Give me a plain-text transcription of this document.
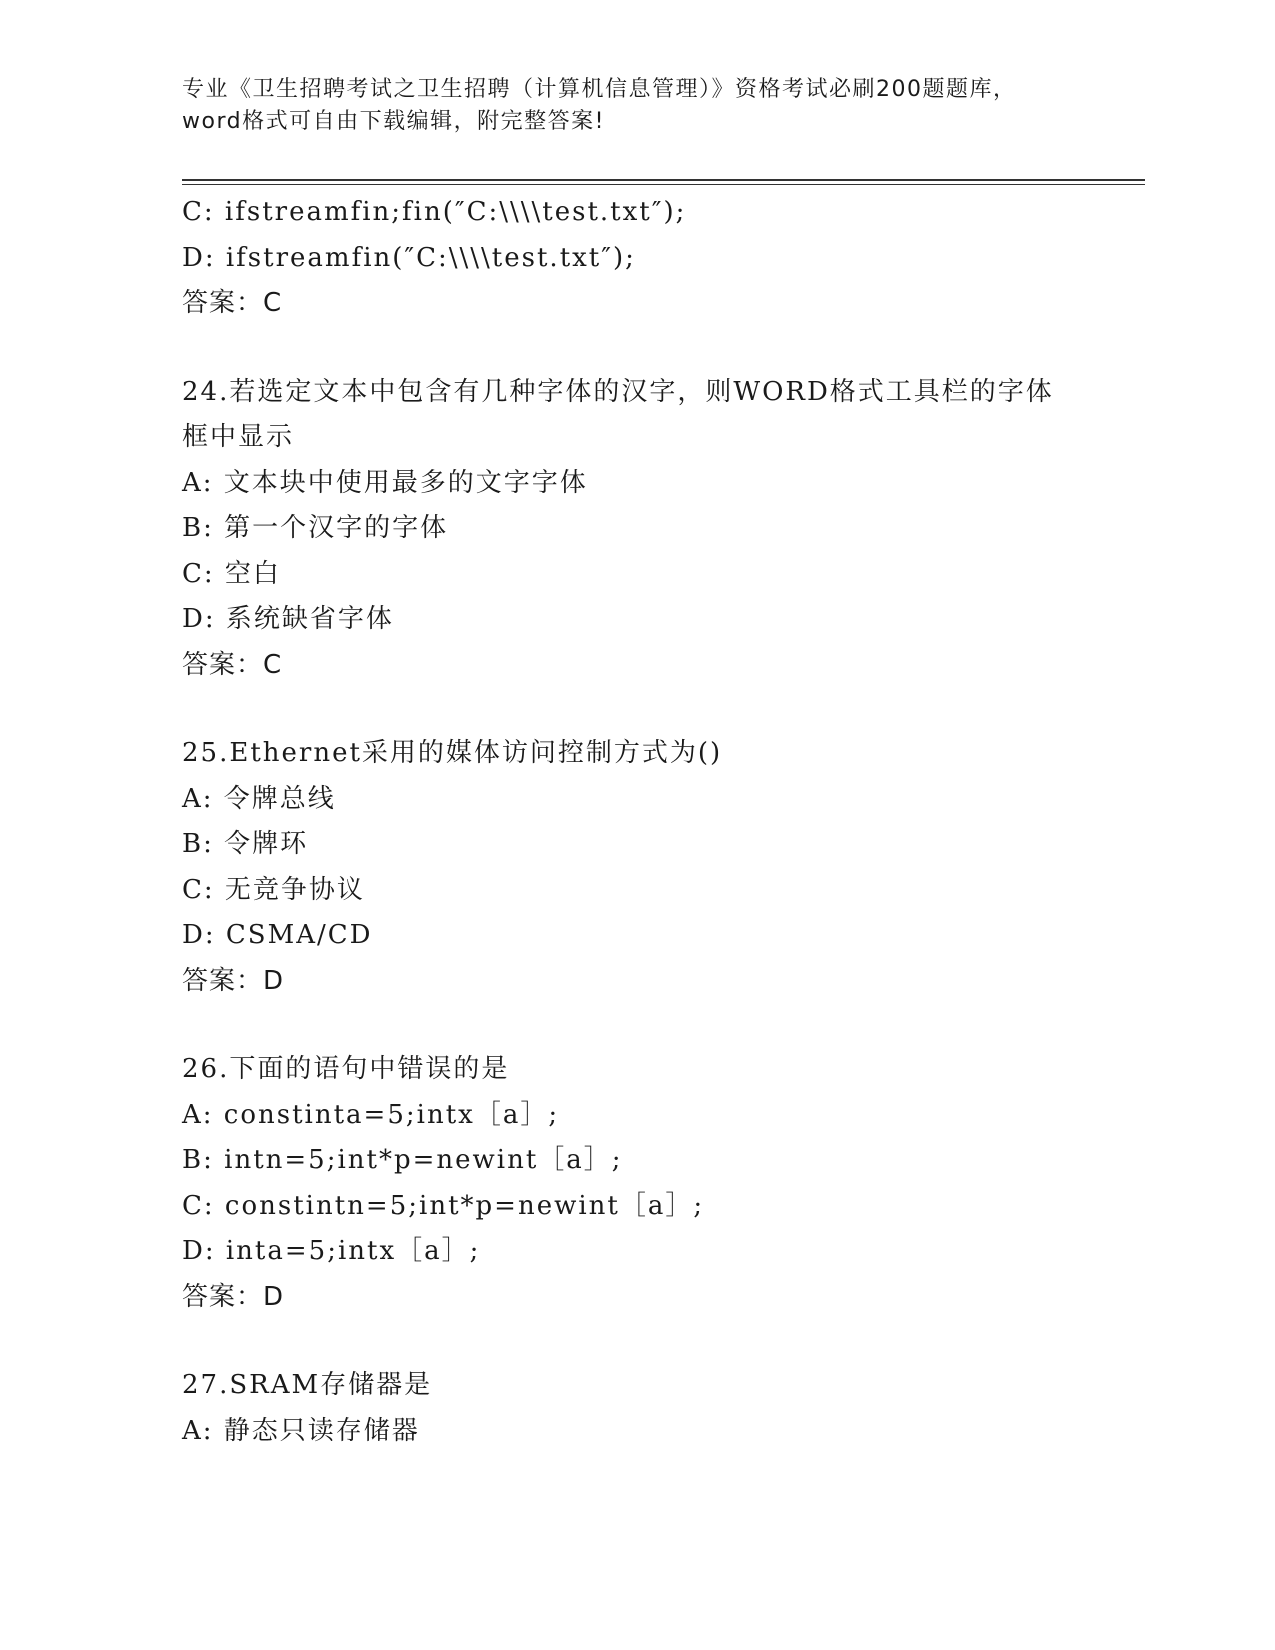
专业《卫生招聘考试之卫生招聘（计算机信息管理）》资格考试必刷200题题库，
word格式可自由下载编辑，附完整答案!
C: ifstreamfin;fin(″C:\\\\test.txt″);
D: ifstreamfin(″C:\\\\test.txt″);
答案：C
24.若选定文本中包含有几种字体的汉字，则WORD格式工具栏的字体
框中显示
A: 文本块中使用最多的文字字体
B: 第一个汉字的字体
C: 空白
D: 系统缺省字体
答案：C
25.Ethernet采用的媒体访问控制方式为()
A: 令牌总线
B: 令牌环
C: 无竞争协议
D: CSMA/CD
答案：D
26.下面的语句中错误的是
A: constinta=5;intx［a］;
B: intn=5;int*p=newint［a］;
C: constintn=5;int*p=newint［a］;
D: inta=5;intx［a］;
答案：D
27.SRAM存储器是
A: 静态只读存储器
